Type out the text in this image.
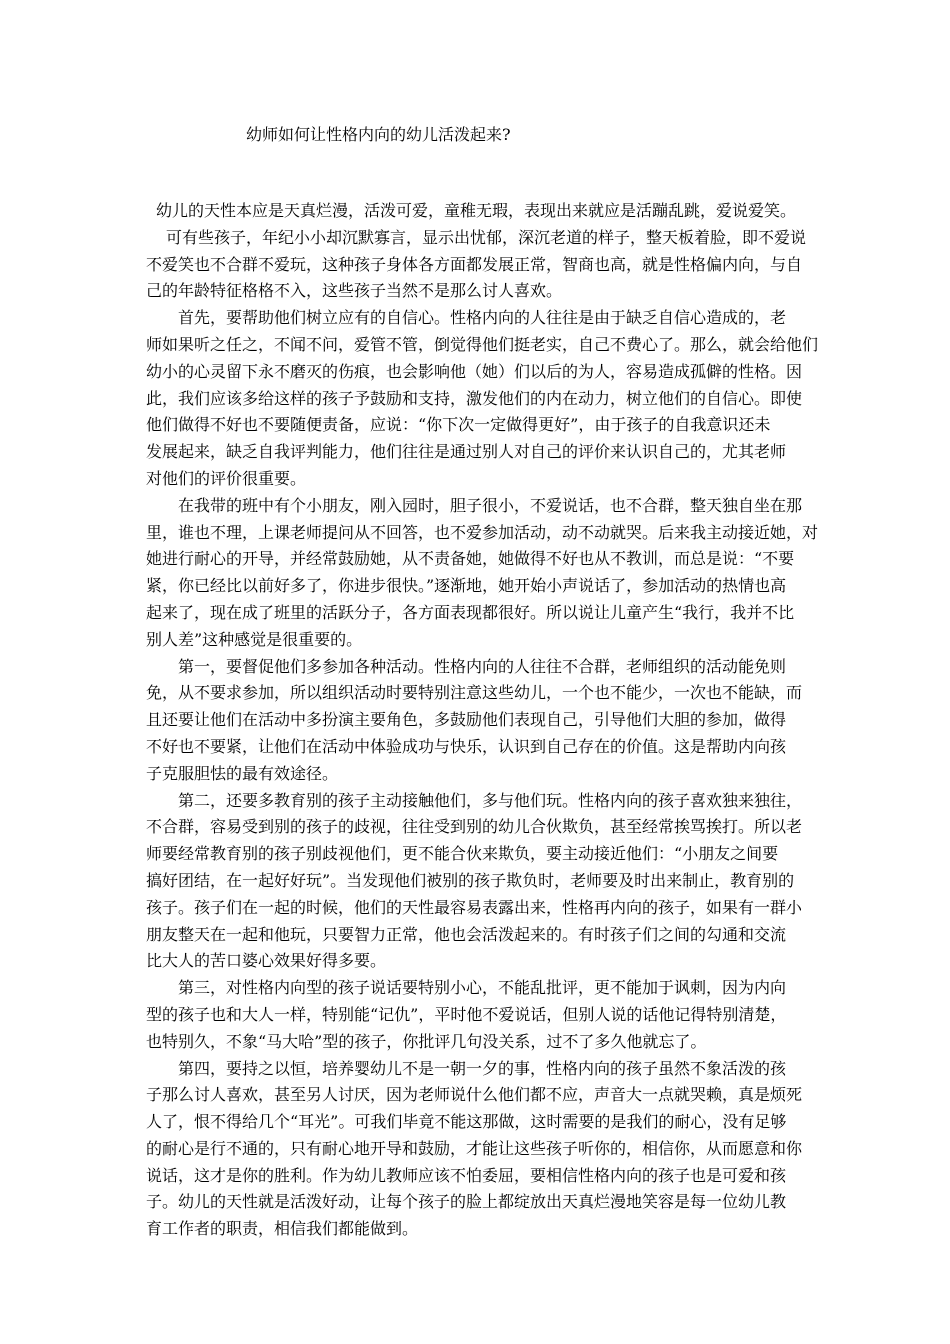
幼师如何让性格内向的幼儿活泼起来?
幼儿的天性本应是天真烂漫，活泼可爱，童稚无瑕，表现出来就应是活蹦乱跳，爱说爱笑。
可有些孩子，年纪小小却沉默寡言，显示出忧郁，深沉老道的样子，整天板着脸，即不爱说
不爱笑也不合群不爱玩，这种孩子身体各方面都发展正常，智商也高，就是性格偏内向，与自
己的年龄特征格格不入，这些孩子当然不是那么讨人喜欢。
首先，要帮助他们树立应有的自信心。性格内向的人往往是由于缺乏自信心造成的，老
师如果听之任之，不闻不问，爱管不管，倒觉得他们挺老实，自己不费心了。那么，就会给他们
幼小的心灵留下永不磨灭的伤痕，也会影响他（她）们以后的为人，容易造成孤僻的性格。因
此，我们应该多给这样的孩子予鼓励和支持，激发他们的内在动力，树立他们的自信心。即使
他们做得不好也不要随便责备，应说：“你下次一定做得更好”，由于孩子的自我意识还未
发展起来，缺乏自我评判能力，他们往往是通过别人对自己的评价来认识自己的，尤其老师
对他们的评价很重要。
在我带的班中有个小朋友，刚入园时，胆子很小，不爱说话，也不合群，整天独自坐在那
里，谁也不理，上课老师提问从不回答，也不爱参加活动，动不动就哭。后来我主动接近她，对
她进行耐心的开导，并经常鼓励她，从不责备她，她做得不好也从不教训，而总是说：“不要
紧，你已经比以前好多了，你进步很快。”逐渐地，她开始小声说话了，参加活动的热情也高
起来了，现在成了班里的活跃分子，各方面表现都很好。所以说让儿童产生“我行，我并不比
别人差”这种感觉是很重要的。
第一，要督促他们多参加各种活动。性格内向的人往往不合群，老师组织的活动能免则
免，从不要求参加，所以组织活动时要特别注意这些幼儿，一个也不能少，一次也不能缺，而
且还要让他们在活动中多扮演主要角色，多鼓励他们表现自己，引导他们大胆的参加，做得
不好也不要紧，让他们在活动中体验成功与快乐，认识到自己存在的价值。这是帮助内向孩
子克服胆怯的最有效途径。
第二，还要多教育别的孩子主动接触他们，多与他们玩。性格内向的孩子喜欢独来独往，
不合群，容易受到别的孩子的歧视，往往受到别的幼儿合伙欺负，甚至经常挨骂挨打。所以老
师要经常教育别的孩子别歧视他们，更不能合伙来欺负，要主动接近他们：“小朋友之间要
搞好团结，在一起好好玩”。当发现他们被别的孩子欺负时，老师要及时出来制止，教育别的
孩子。孩子们在一起的时候，他们的天性最容易表露出来，性格再内向的孩子，如果有一群小
朋友整天在一起和他玩，只要智力正常，他也会活泼起来的。有时孩子们之间的勾通和交流
比大人的苦口婆心效果好得多要。
第三，对性格内向型的孩子说话要特别小心，不能乱批评，更不能加于讽刺，因为内向
型的孩子也和大人一样，特别能“记仇”，平时他不爱说话，但别人说的话他记得特别清楚，
也特别久，不象“马大哈”型的孩子，你批评几句没关系，过不了多久他就忘了。
第四，要持之以恒，培养婴幼儿不是一朝一夕的事，性格内向的孩子虽然不象活泼的孩
子那么讨人喜欢，甚至另人讨厌，因为老师说什么他们都不应，声音大一点就哭赖，真是烦死
人了，恨不得给几个“耳光”。可我们毕竟不能这那做，这时需要的是我们的耐心，没有足够
的耐心是行不通的，只有耐心地开导和鼓励，才能让这些孩子听你的，相信你，从而愿意和你
说话，这才是你的胜利。作为幼儿教师应该不怕委屈，要相信性格内向的孩子也是可爱和孩
子。幼儿的天性就是活泼好动，让每个孩子的脸上都绽放出天真烂漫地笑容是每一位幼儿教
育工作者的职责，相信我们都能做到。
